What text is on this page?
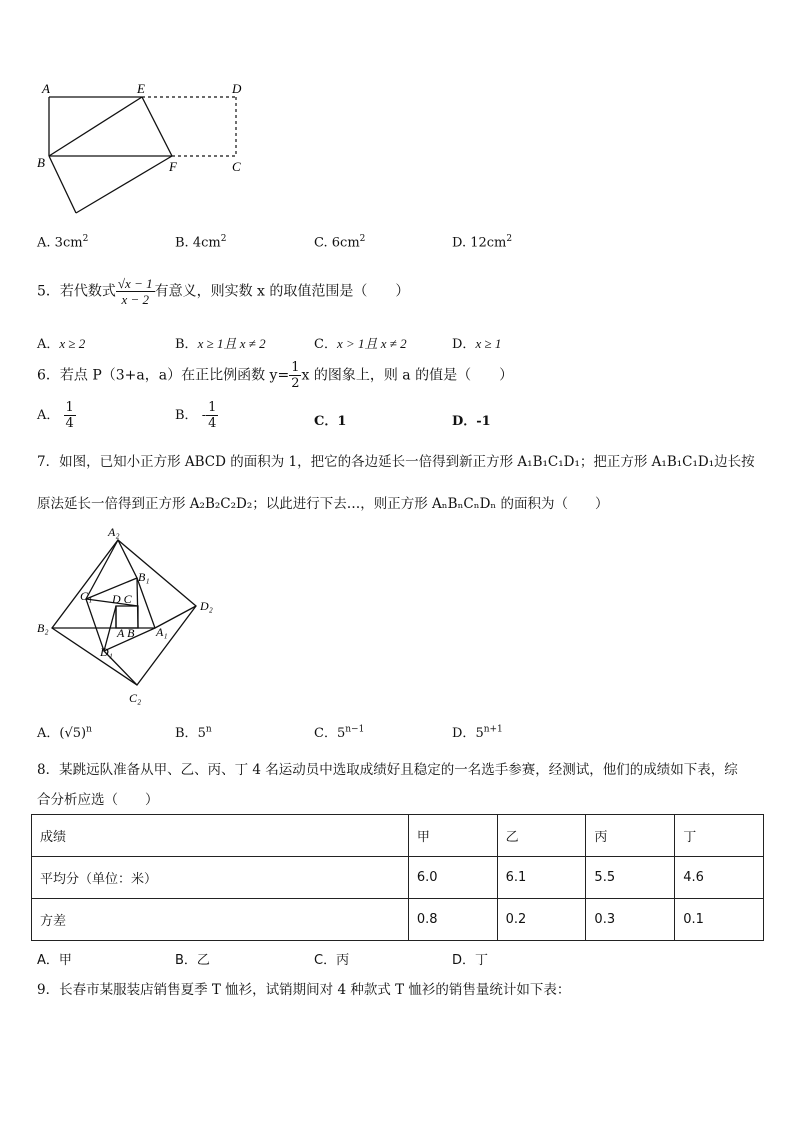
A	E	D
B	F	C
A. $3cm^2$	B. $4cm^2$	C. $6cm^2$	D. $12cm^2$
5．若代数式 $\frac{√x - 1}{x - 2}$ 有意义，则实数 x 的取值范围是（　　）
A．x ≥ 2	B．x ≥ 1且 x ≠ 2	C．x > 1且 x ≠ 2	D．x ≥ 1
6．若点 P（3+a，a）在正比例函数 $y= \frac{1}{2}$ x 的图象上，则 a 的值是（　　）
A． $\frac{1}{4}$	B． - $\frac{1}{4}$	C．1	D．-1
7．如图，已知小正方形 ABCD 的面积为 1，把它的各边延长一倍得到新正方形 A₁B₁C₁D₁；把正方形 A₁B₁C₁D₁边长按
原法延长一倍得到正方形 A₂B₂C₂D₂；以此进行下去…，则正方形 AₙBₙCₙDₙ 的面积为（　　）
A₂
B₁
C₁ D C	D₂
B₂	A B A₁
D₁
C₂
A．$(√5)^n$	B．5$^n$	C．$5^{n-1}$	D．$5^{n+1}$
8．某跳远队准备从甲、乙、丙、丁 4 名运动员中选取成绩好且稳定的一名选手参赛，经测试，他们的成绩如下表，综
合分析应选（　　）
成绩	甲	乙	丙	丁
平均分（单位：米）	6.0	6.1	5.5	4.6
方差	0.8	0.2	0.3	0.1
A．甲	B．乙	C．丙	D．丁
9．长春市某服装店销售夏季 T 恤衫，试销期间对 4 种款式 T 恤衫的销售量统计如下表：
